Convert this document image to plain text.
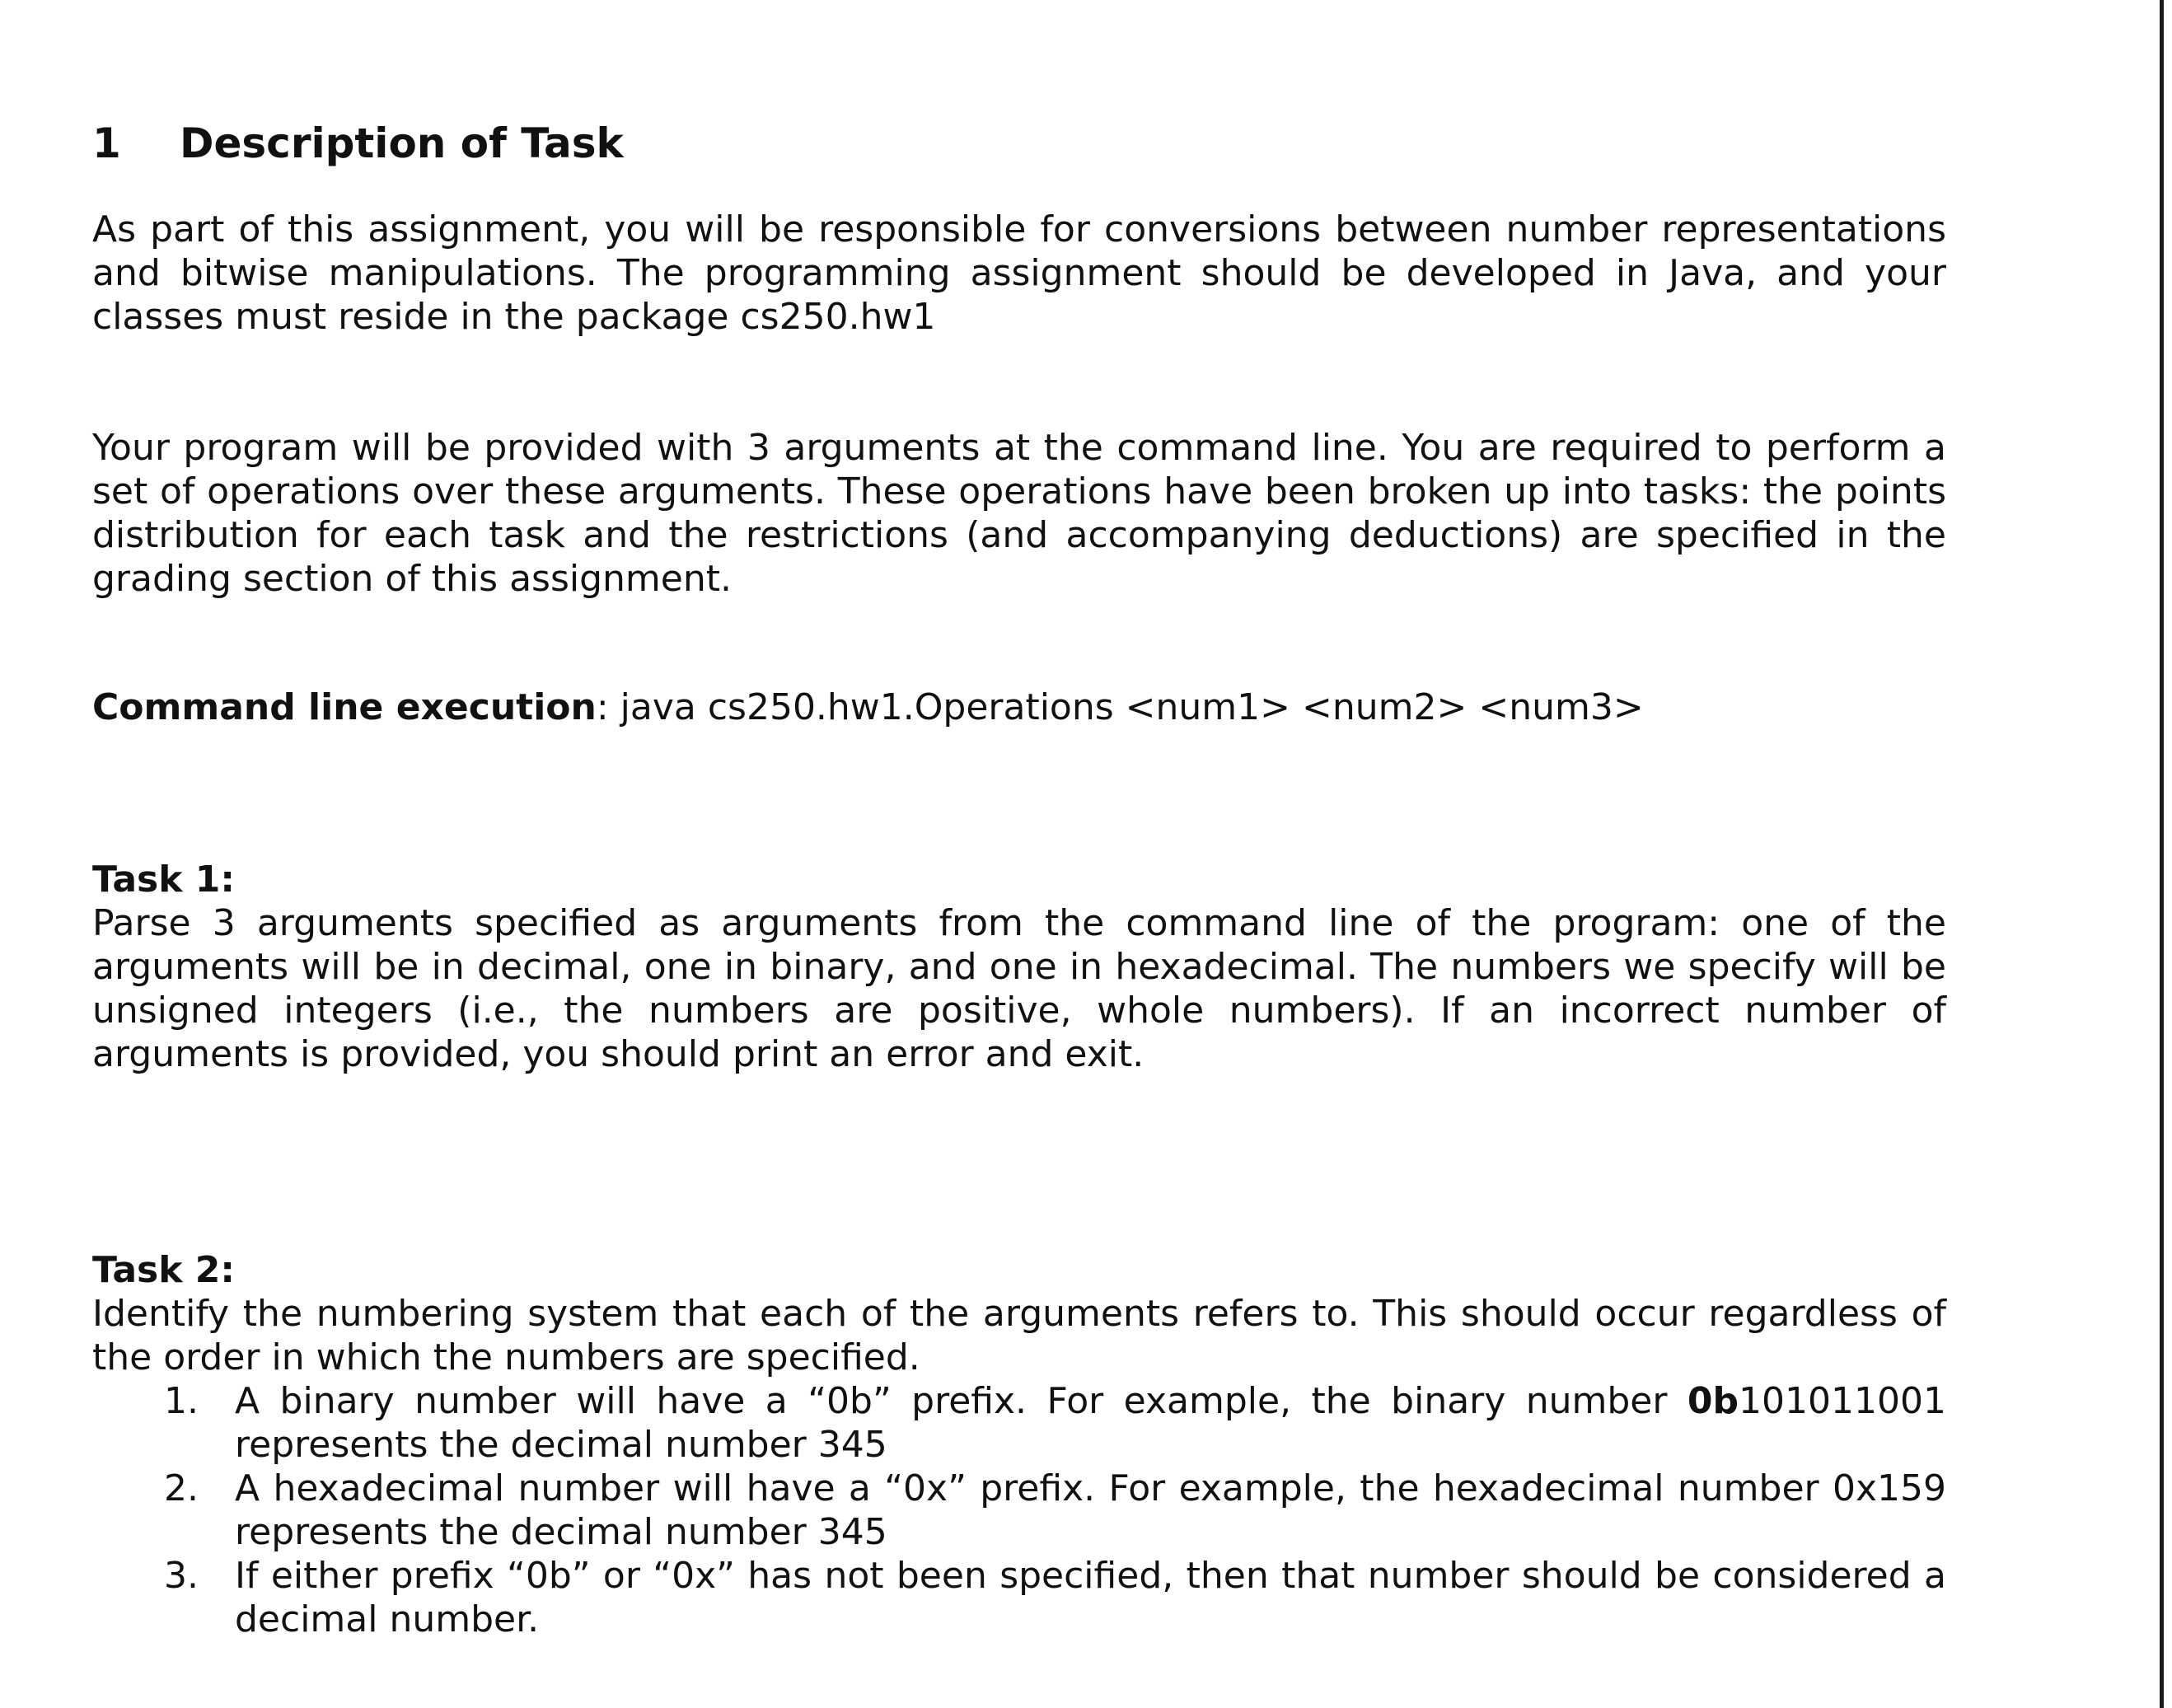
1 Description of Task

As part of this assignment, you will be responsible for conversions between number representations and bitwise manipulations. The programming assignment should be developed in Java, and your classes must reside in the package cs250.hw1

Your program will be provided with 3 arguments at the command line. You are required to perform a set of operations over these arguments. These operations have been broken up into tasks: the points distribution for each task and the restrictions (and accompanying deductions) are specified in the grading section of this assignment.

Command line execution: java cs250.hw1.Operations <num1> <num2> <num3>
Task 1:

Parse 3 arguments specified as arguments from the command line of the program: one of the arguments will be in decimal, one in binary, and one in hexadecimal. The numbers we specify will be unsigned integers (i.e., the numbers are positive, whole numbers). If an incorrect number of arguments is provided, you should print an error and exit.

Task 2:

Identify the numbering system that each of the arguments refers to. This should occur regardless of the order in which the numbers are specified.

1. A binary number will have a “0b” prefix. For example, the binary number 0b101011001 represents the decimal number 345
2. A hexadecimal number will have a “0x” prefix. For example, the hexadecimal number 0x159 represents the decimal number 345
3. If either prefix “0b” or “0x” has not been specified, then that number should be considered a decimal number.
